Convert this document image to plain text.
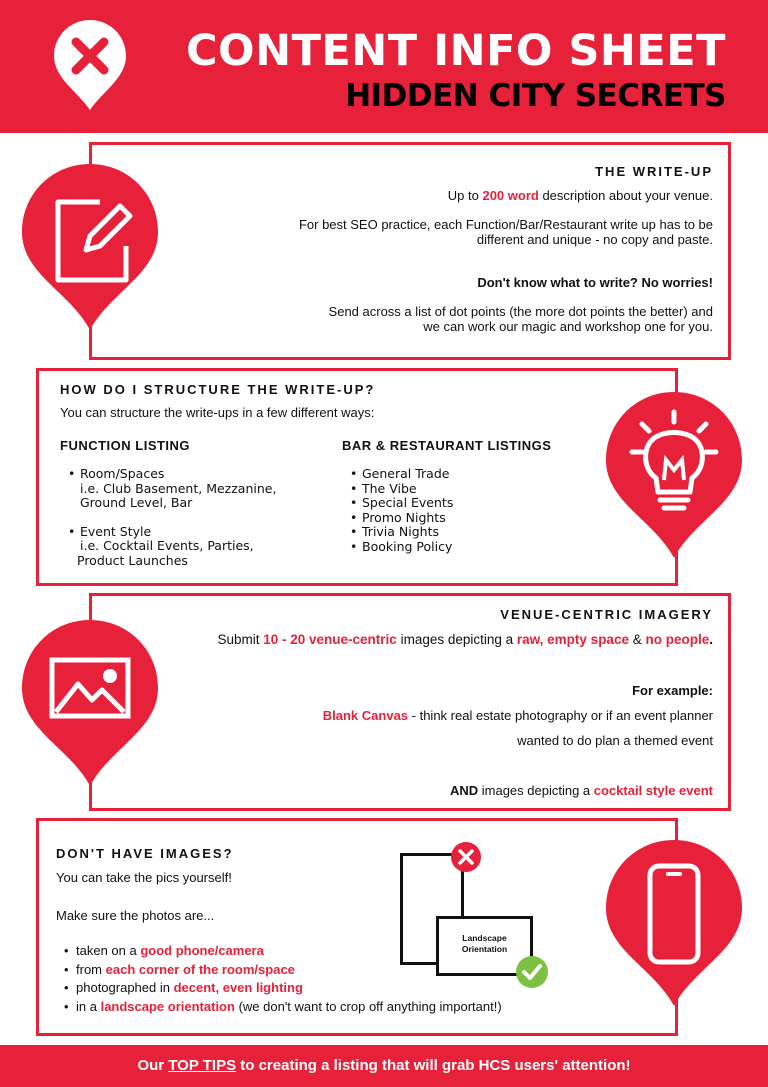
CONTENT INFO SHEET
HIDDEN CITY SECRETS
THE WRITE-UP
Up to 200 word description about your venue.
For best SEO practice, each Function/Bar/Restaurant write up has to be
different and unique - no copy and paste.
Don't know what to write? No worries!
Send across a list of dot points (the more dot points the better) and
we can work our magic and workshop one for you.
HOW DO I STRUCTURE THE WRITE-UP?
You can structure the write-ups in a few different ways:
FUNCTION LISTING
• Room/Spaces
i.e. Club Basement, Mezzanine,
Ground Level, Bar
• Event Style
i.e. Cocktail Events, Parties,
Product Launches
BAR & RESTAURANT LISTINGS
• General Trade
• The Vibe
• Special Events
• Promo Nights
• Trivia Nights
• Booking Policy
VENUE-CENTRIC IMAGERY
Submit 10 - 20 venue-centric images depicting a raw, empty space & no people.
For example:
Blank Canvas - think real estate photography or if an event planner
wanted to do plan a themed event
AND images depicting a cocktail style event
DON'T HAVE IMAGES?
You can take the pics yourself!
Make sure the photos are...
• taken on a good phone/camera
• from each corner of the room/space
• photographed in decent, even lighting
• in a landscape orientation (we don't want to crop off anything important!)
Landscape
Orientation
Our TOP TIPS to creating a listing that will grab HCS users' attention!
